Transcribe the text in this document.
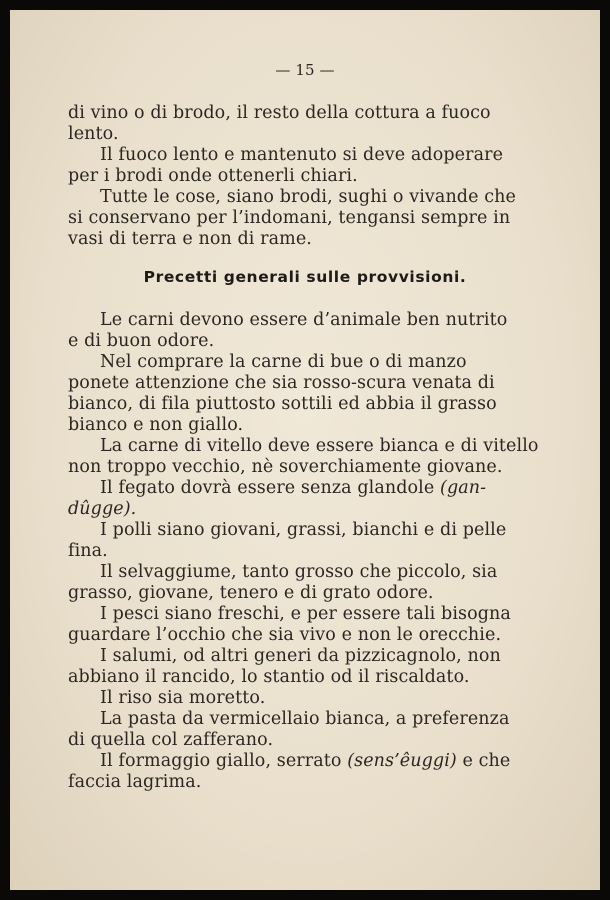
— 15 —
di vino o di brodo, il resto della cottura a fuoco
lento.
Il fuoco lento e mantenuto si deve adoperare
per i brodi onde ottenerli chiari.
Tutte le cose, siano brodi, sughi o vivande che
si conservano per l’indomani, tengansi sempre in
vasi di terra e non di rame.
Precetti generali sulle provvisioni.
Le carni devono essere d’animale ben nutrito
e di buon odore.
Nel comprare la carne di bue o di manzo
ponete attenzione che sia rosso-scura venata di
bianco, di fila piuttosto sottili ed abbia il grasso
bianco e non giallo.
La carne di vitello deve essere bianca e di vitello
non troppo vecchio, nè soverchiamente giovane.
Il fegato dovrà essere senza glandole (gan-
dûgge).
I polli siano giovani, grassi, bianchi e di pelle
fina.
Il selvaggiume, tanto grosso che piccolo, sia
grasso, giovane, tenero e di grato odore.
I pesci siano freschi, e per essere tali bisogna
guardare l’occhio che sia vivo e non le orecchie.
I salumi, od altri generi da pizzicagnolo, non
abbiano il rancido, lo stantio od il riscaldato.
Il riso sia moretto.
La pasta da vermicellaio bianca, a preferenza
di quella col zafferano.
Il formaggio giallo, serrato (sens’êuggi) e che
faccia lagrima.
